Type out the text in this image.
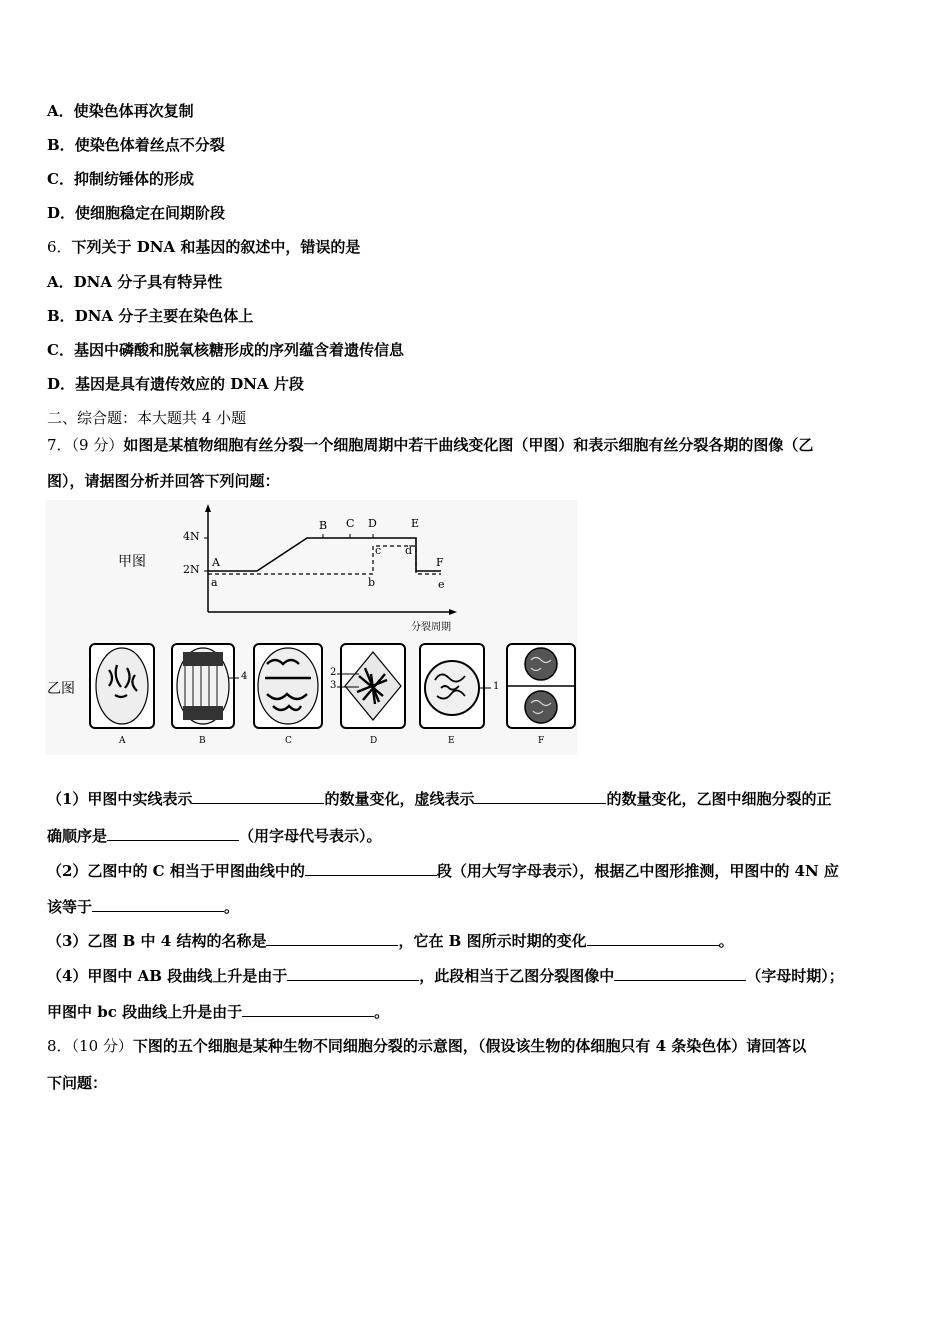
A．使染色体再次复制
B．使染色体着丝点不分裂
C．抑制纺锤体的形成
D．使细胞稳定在间期阶段
6．下列关于 DNA 和基因的叙述中，错误的是
A．DNA 分子具有特异性
B．DNA 分子主要在染色体上
C．基因中磷酸和脱氧核糖形成的序列蕴含着遗传信息
D．基因是具有遗传效应的 DNA 片段
二、综合题：本大题共 4 小题
7．（9 分）如图是某植物细胞有丝分裂一个细胞周期中若干曲线变化图（甲图）和表示细胞有丝分裂各期的图像（乙
图），请据图分析并回答下列问题：
甲图
乙图
4N
2N
分裂周期
A
B C D	E
F
a	b
c d
e
A	B	C	D	E	F
4	2
3	1
（1）甲图中实线表示	的数量变化，虚线表示	的数量变化，乙图中细胞分裂的正
确顺序是	（用字母代号表示）。
（2）乙图中的 C 相当于甲图曲线中的	段（用大写字母表示），根据乙中图形推测，甲图中的 4N 应
该等于	。
（3）乙图 B 中 4 结构的名称是	，它在 B 图所示时期的变化	。
（4）甲图中 AB 段曲线上升是由于	，此段相当于乙图分裂图像中	（字母时期）；
甲图中 bc 段曲线上升是由于	。
8．（10 分）下图的五个细胞是某种生物不同细胞分裂的示意图，（假设该生物的体细胞只有 4 条染色体）请回答以
下问题：
